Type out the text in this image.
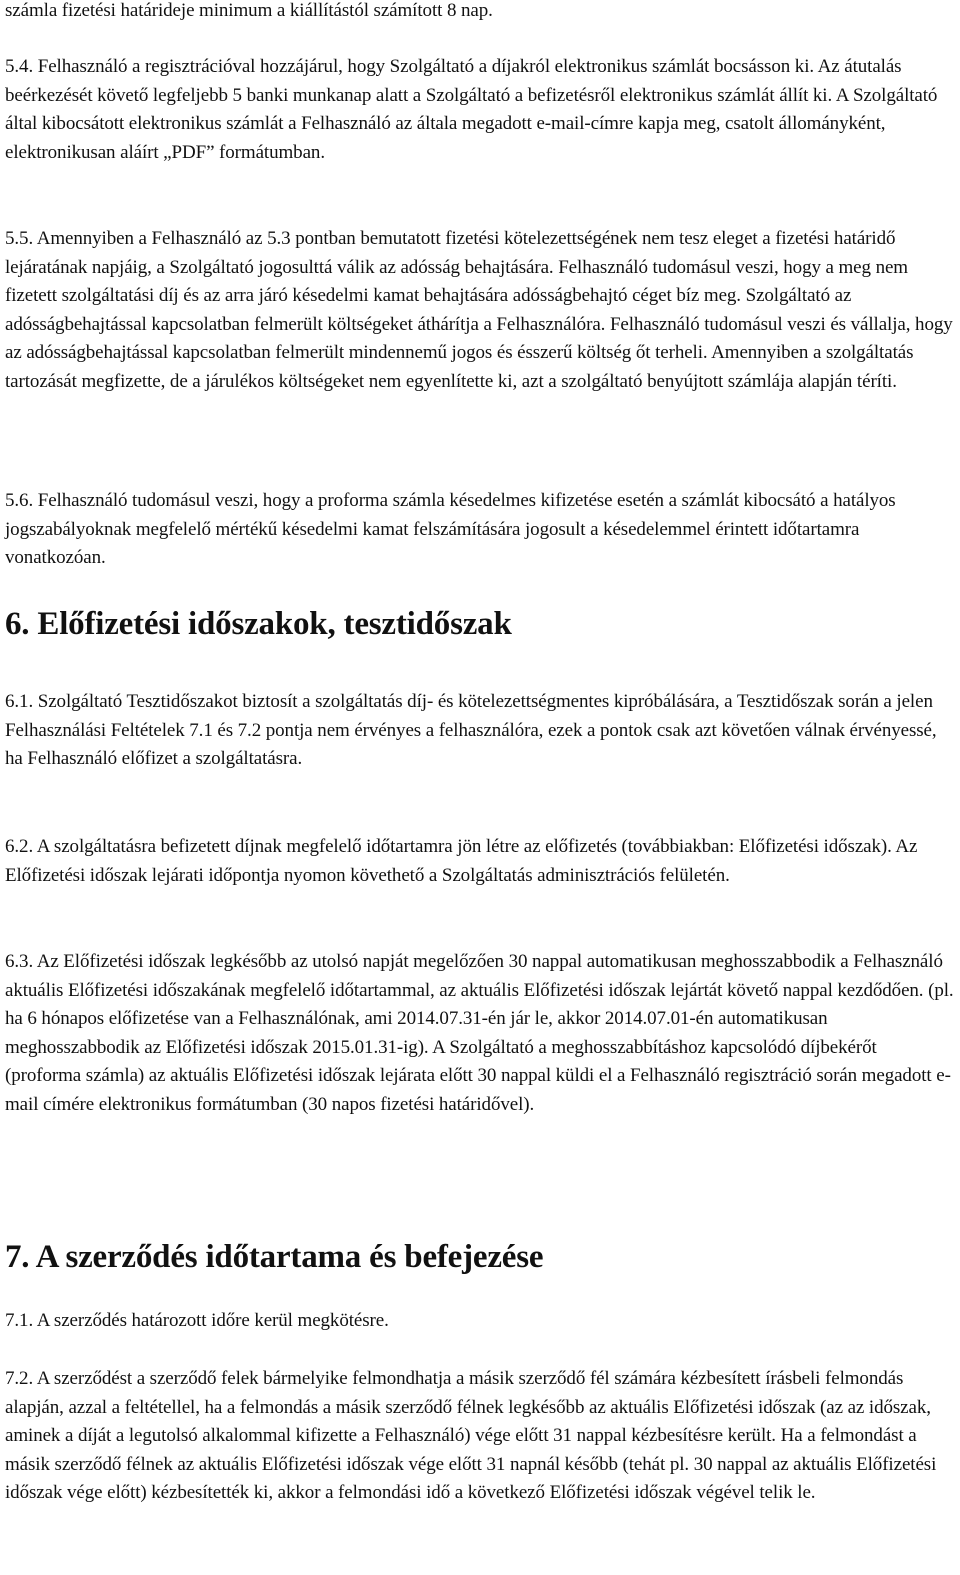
számla fizetési határideje minimum a kiállítástól számított 8 nap.

5.4. Felhasználó a regisztrációval hozzájárul, hogy Szolgáltató a díjakról elektronikus számlát bocsásson ki. Az átutalás beérkezését követő legfeljebb 5 banki munkanap alatt a Szolgáltató a befizetésről elektronikus számlát állít ki. A Szolgáltató által kibocsátott elektronikus számlát a Felhasználó az általa megadott e-mail-címre kapja meg, csatolt állományként, elektronikusan aláírt „PDF” formátumban.

5.5. Amennyiben a Felhasználó az 5.3 pontban bemutatott fizetési kötelezettségének nem tesz eleget a fizetési határidő lejáratának napjáig, a Szolgáltató jogosulttá válik az adósság behajtására. Felhasználó tudomásul veszi, hogy a meg nem fizetett szolgáltatási díj és az arra járó késedelmi kamat behajtására adósságbehajtó céget bíz meg. Szolgáltató az adósságbehajtással kapcsolatban felmerült költségeket áthárítja a Felhasználóra. Felhasználó tudomásul veszi és vállalja, hogy az adósságbehajtással kapcsolatban felmerült mindennemű jogos és ésszerű költség őt terheli. Amennyiben a szolgáltatás tartozását megfizette, de a járulékos költségeket nem egyenlítette ki, azt a szolgáltató benyújtott számlája alapján téríti.

5.6. Felhasználó tudomásul veszi, hogy a proforma számla késedelmes kifizetése esetén a számlát kibocsátó a hatályos jogszabályoknak megfelelő mértékű késedelmi kamat felszámítására jogosult a késedelemmel érintett időtartamra vonatkozóan.

6. Előfizetési időszakok, tesztidőszak

6.1. Szolgáltató Tesztidőszakot biztosít a szolgáltatás díj- és kötelezettségmentes kipróbálására, a Tesztidőszak során a jelen Felhasználási Feltételek 7.1 és 7.2 pontja nem érvényes a felhasználóra, ezek a pontok csak azt követően válnak érvényessé, ha Felhasználó előfizet a szolgáltatásra.

6.2. A szolgáltatásra befizetett díjnak megfelelő időtartamra jön létre az előfizetés (továbbiakban: Előfizetési időszak). Az Előfizetési időszak lejárati időpontja nyomon követhető a Szolgáltatás adminisztrációs felületén.

6.3. Az Előfizetési időszak legkésőbb az utolsó napját megelőzően 30 nappal automatikusan meghosszabbodik a Felhasználó aktuális Előfizetési időszakának megfelelő időtartammal, az aktuális Előfizetési időszak lejártát követő nappal kezdődően. (pl. ha 6 hónapos előfizetése van a Felhasználónak, ami 2014.07.31-én jár le, akkor 2014.07.01-én automatikusan meghosszabbodik az Előfizetési időszak 2015.01.31-ig). A Szolgáltató a meghosszabbításhoz kapcsolódó díjbekérőt (proforma számla) az aktuális Előfizetési időszak lejárata előtt 30 nappal küldi el a Felhasználó regisztráció során megadott e-mail címére elektronikus formátumban (30 napos fizetési határidővel).

7. A szerződés időtartama és befejezése

7.1. A szerződés határozott időre kerül megkötésre.

7.2. A szerződést a szerződő felek bármelyike felmondhatja a másik szerződő fél számára kézbesített írásbeli felmondás alapján, azzal a feltétellel, ha a felmondás a másik szerződő félnek legkésőbb az aktuális Előfizetési időszak (az az időszak, aminek a díját a legutolsó alkalommal kifizette a Felhasználó) vége előtt 31 nappal kézbesítésre került. Ha a felmondást a másik szerződő félnek az aktuális Előfizetési időszak vége előtt 31 napnál később (tehát pl. 30 nappal az aktuális Előfizetési időszak vége előtt) kézbesítették ki, akkor a felmondási idő a következő Előfizetési időszak végével telik le.
